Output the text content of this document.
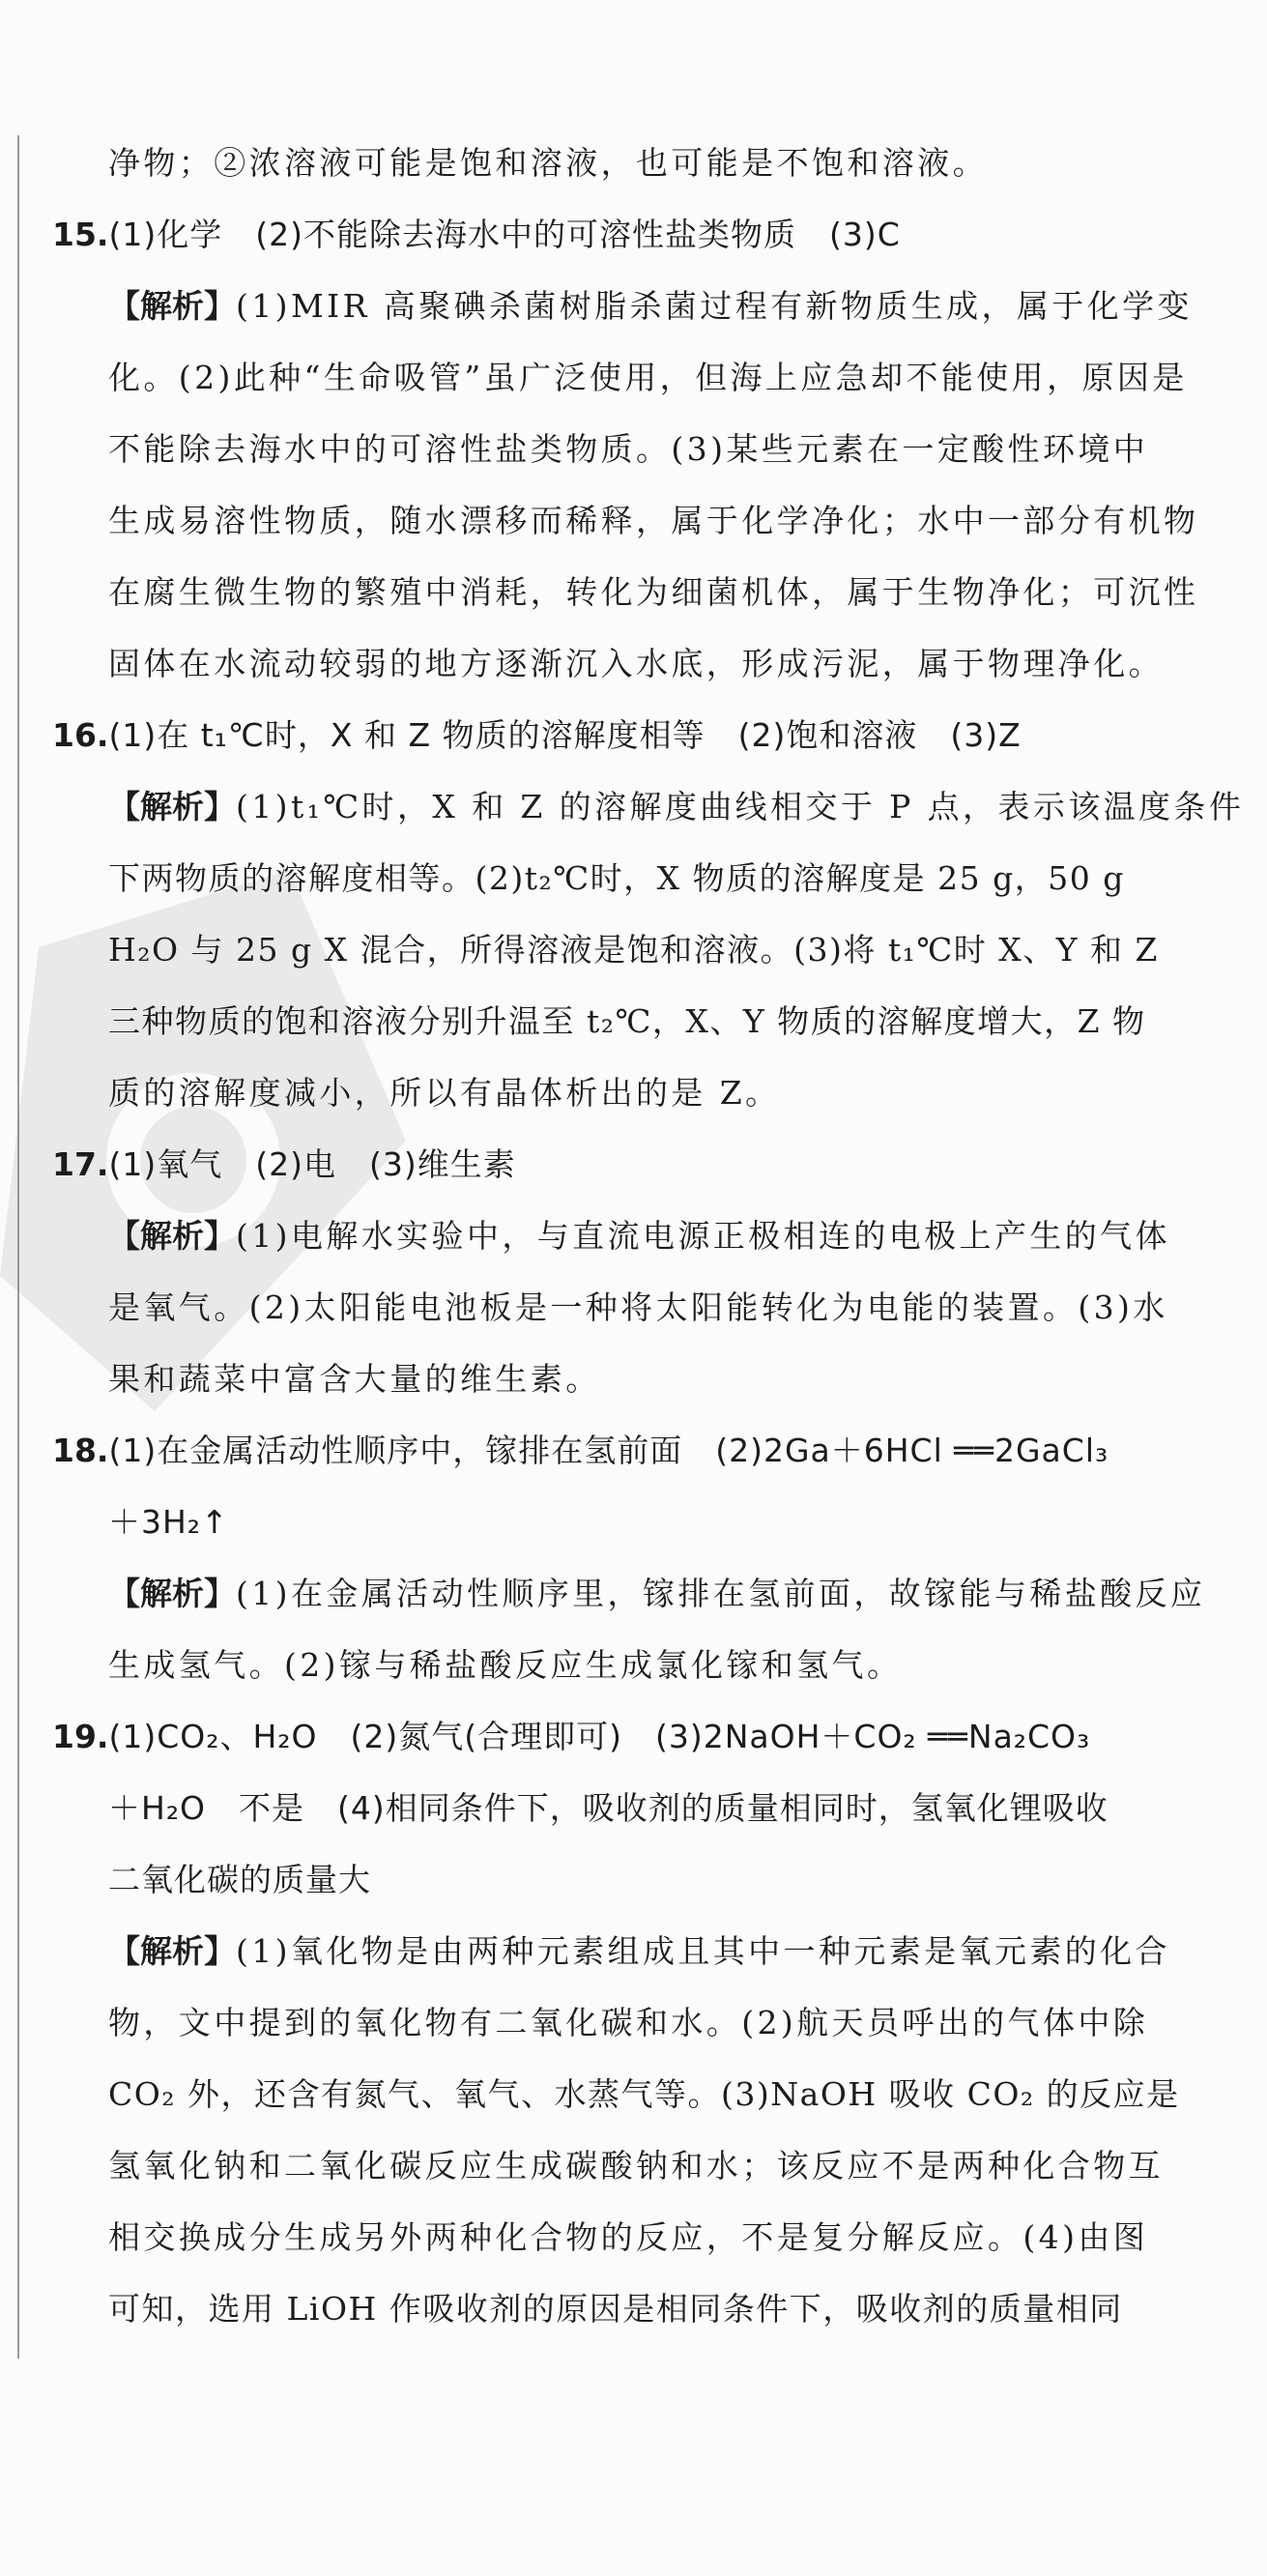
净物；②浓溶液可能是饱和溶液，也可能是不饱和溶液。
15.(1)化学　(2)不能除去海水中的可溶性盐类物质　(3)C
【解析】(1)MIR 高聚碘杀菌树脂杀菌过程有新物质生成，属于化学变
化。(2)此种“生命吸管”虽广泛使用，但海上应急却不能使用，原因是
不能除去海水中的可溶性盐类物质。(3)某些元素在一定酸性环境中
生成易溶性物质，随水漂移而稀释，属于化学净化；水中一部分有机物
在腐生微生物的繁殖中消耗，转化为细菌机体，属于生物净化；可沉性
固体在水流动较弱的地方逐渐沉入水底，形成污泥，属于物理净化。
16.(1)在 t₁℃时，X 和 Z 物质的溶解度相等　(2)饱和溶液　(3)Z
【解析】(1)t₁℃时，X 和 Z 的溶解度曲线相交于 P 点，表示该温度条件
下两物质的溶解度相等。(2)t₂℃时，X 物质的溶解度是 25 g，50 g
H₂O 与 25 g X 混合，所得溶液是饱和溶液。(3)将 t₁℃时 X、Y 和 Z
三种物质的饱和溶液分别升温至 t₂℃，X、Y 物质的溶解度增大，Z 物
质的溶解度减小，所以有晶体析出的是 Z。
17.(1)氧气　(2)电　(3)维生素
【解析】(1)电解水实验中，与直流电源正极相连的电极上产生的气体
是氧气。(2)太阳能电池板是一种将太阳能转化为电能的装置。(3)水
果和蔬菜中富含大量的维生素。
18.(1)在金属活动性顺序中，镓排在氢前面　(2)2Ga＋6HCl ══2GaCl₃
＋3H₂↑
【解析】(1)在金属活动性顺序里，镓排在氢前面，故镓能与稀盐酸反应
生成氢气。(2)镓与稀盐酸反应生成氯化镓和氢气。
19.(1)CO₂、H₂O　(2)氮气(合理即可)　(3)2NaOH＋CO₂ ══Na₂CO₃
＋H₂O　不是　(4)相同条件下，吸收剂的质量相同时，氢氧化锂吸收
二氧化碳的质量大
【解析】(1)氧化物是由两种元素组成且其中一种元素是氧元素的化合
物，文中提到的氧化物有二氧化碳和水。(2)航天员呼出的气体中除
CO₂ 外，还含有氮气、氧气、水蒸气等。(3)NaOH 吸收 CO₂ 的反应是
氢氧化钠和二氧化碳反应生成碳酸钠和水；该反应不是两种化合物互
相交换成分生成另外两种化合物的反应，不是复分解反应。(4)由图
可知，选用 LiOH 作吸收剂的原因是相同条件下，吸收剂的质量相同
